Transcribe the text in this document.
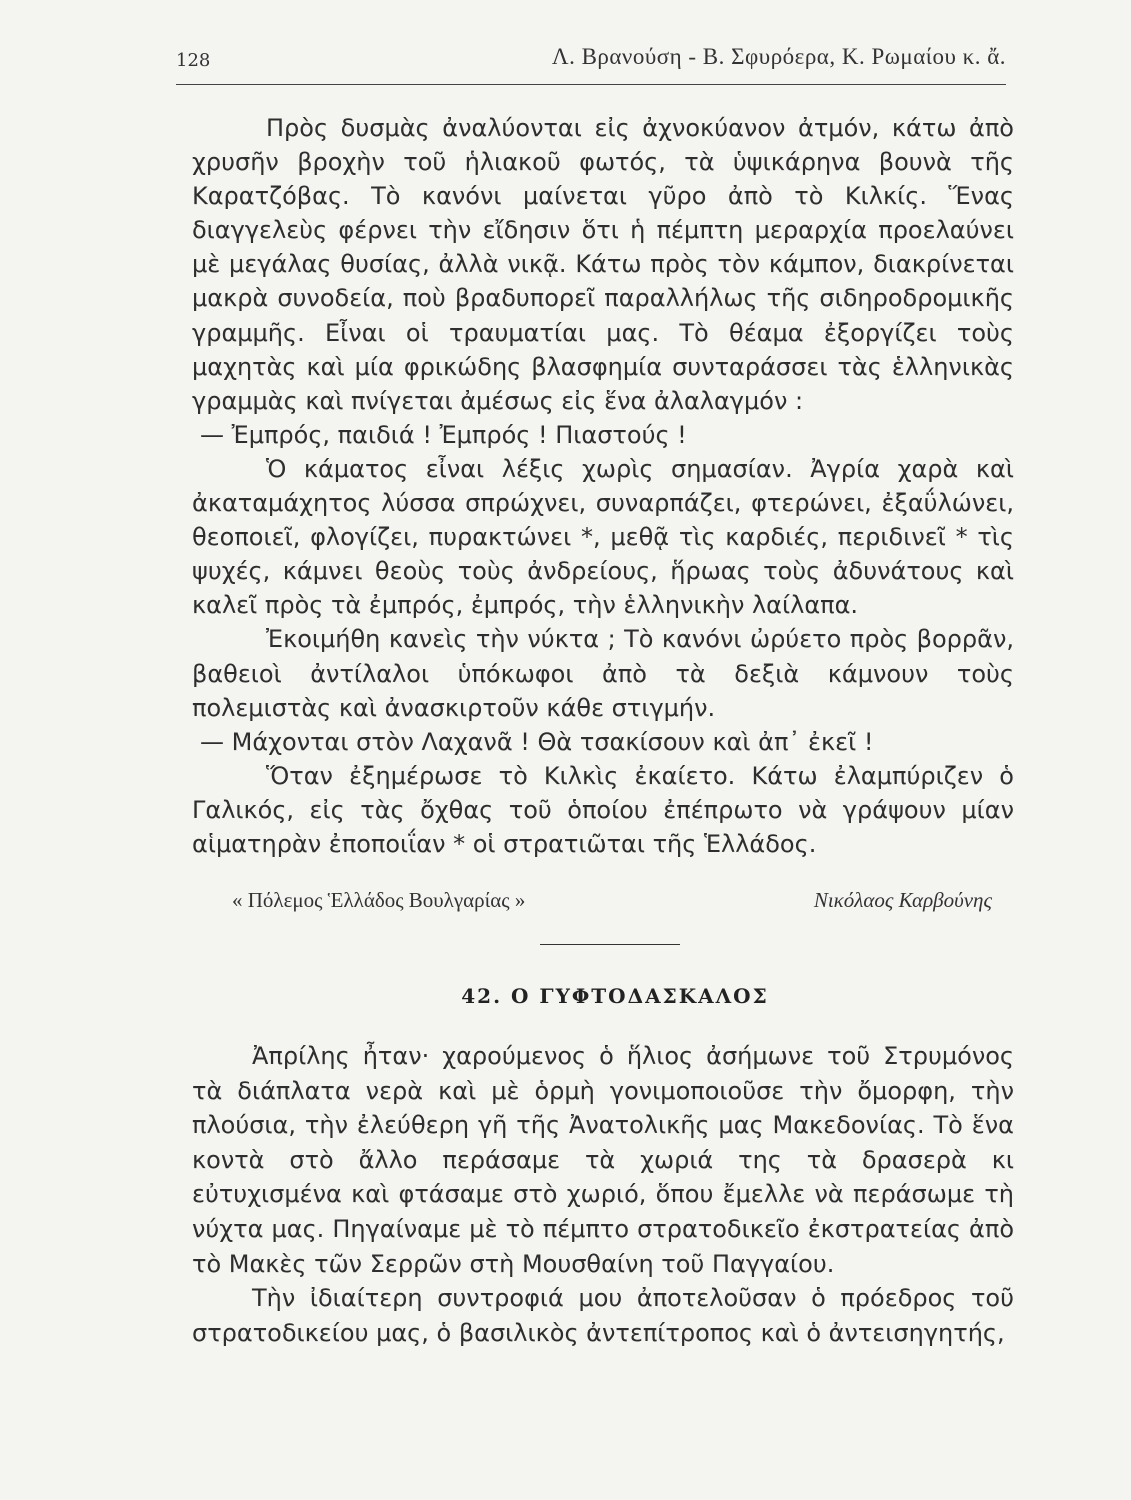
128	Λ. Βρανούση - Β. Σφυρόερα, Κ. Ρωμαίου κ. ἄ.

Πρὸς δυσμὰς ἀναλύονται εἰς ἀχνοκύανον ἀτμόν, κάτω ἀπὸ χρυσῆν βροχὴν τοῦ ἡλιακοῦ φωτός, τὰ ὑψικάρηνα βουνὰ τῆς Καρατζόβας. Τὸ κανόνι μαίνεται γῦρο ἀπὸ τὸ Κιλκίς. Ἕνας διαγγελεὺς φέρνει τὴν εἴδησιν ὅτι ἡ πέμπτη μεραρχία προελαύνει μὲ μεγάλας θυσίας, ἀλλὰ νικᾷ. Κάτω πρὸς τὸν κάμπον, διακρίνεται μακρὰ συνοδεία, ποὺ βραδυπορεῖ παραλλήλως τῆς σιδηροδρομικῆς γραμμῆς. Εἶναι οἱ τραυματίαι μας. Τὸ θέαμα ἐξοργίζει τοὺς μαχητὰς καὶ μία φρικώδης βλασφημία συνταράσσει τὰς ἑλληνικὰς γραμμὰς καὶ πνίγεται ἀμέσως εἰς ἕνα ἀλαλαγμόν :

— Ἐμπρός, παιδιά ! Ἐμπρός ! Πιαστούς !

Ὁ κάματος εἶναι λέξις χωρὶς σημασίαν. Ἀγρία χαρὰ καὶ ἀκαταμάχητος λύσσα σπρώχνει, συναρπάζει, φτερώνει, ἐξαΰλώνει, θεοποιεῖ, φλογίζει, πυρακτώνει *, μεθᾷ τὶς καρδιές, περιδινεῖ * τὶς ψυχές, κάμνει θεοὺς τοὺς ἀνδρείους, ἥρωας τοὺς ἀδυνάτους καὶ καλεῖ πρὸς τὰ ἐμπρός, ἐμπρός, τὴν ἑλληνικὴν λαίλαπα.

Ἐκοιμήθη κανεὶς τὴν νύκτα ; Τὸ κανόνι ὠρύετο πρὸς βορρᾶν, βαθειοὶ ἀντίλαλοι ὑπόκωφοι ἀπὸ τὰ δεξιὰ κάμνουν τοὺς πολεμιστὰς καὶ ἀνασκιρτοῦν κάθε στιγμήν.

— Μάχονται στὸν Λαχανᾶ ! Θὰ τσακίσουν καὶ ἀπ᾽ ἐκεῖ !

Ὅταν ἐξημέρωσε τὸ Κιλκὶς ἐκαίετο. Κάτω ἐλαμπύριζεν ὁ Γαλικός, εἰς τὰς ὄχθας τοῦ ὁποίου ἐπέπρωτο νὰ γράψουν μίαν αἱματηρὰν ἐποποιΐαν * οἱ στρατιῶται τῆς Ἑλλάδος.

« Πόλεμος Ἑλλάδος Βουλγαρίας »	Νικόλαος Καρβούνης
42. Ο ΓΥΦΤΟΔΑΣΚΑΛΟΣ

Ἀπρίλης ἦταν· χαρούμενος ὁ ἥλιος ἀσήμωνε τοῦ Στρυμόνος τὰ διάπλατα νερὰ καὶ μὲ ὁρμὴ γονιμοποιοῦσε τὴν ὄμορφη, τὴν πλούσια, τὴν ἐλεύθερη γῆ τῆς Ἀνατολικῆς μας Μακεδονίας. Τὸ ἕνα κοντὰ στὸ ἄλλο περάσαμε τὰ χωριά της τὰ δρασερὰ κι εὐτυχισμένα καὶ φτάσαμε στὸ χωριό, ὅπου ἔμελλε νὰ περάσωμε τὴ νύχτα μας. Πηγαίναμε μὲ τὸ πέμπτο στρατοδικεῖο ἐκστρατείας ἀπὸ τὸ Μακὲς τῶν Σερρῶν στὴ Μουσθαίνη τοῦ Παγγαίου.

Τὴν ἰδιαίτερη συντροφιά μου ἀποτελοῦσαν ὁ πρόεδρος τοῦ στρατοδικείου μας, ὁ βασιλικὸς ἀντεπίτροπος καὶ ὁ ἀντεισηγητής,
